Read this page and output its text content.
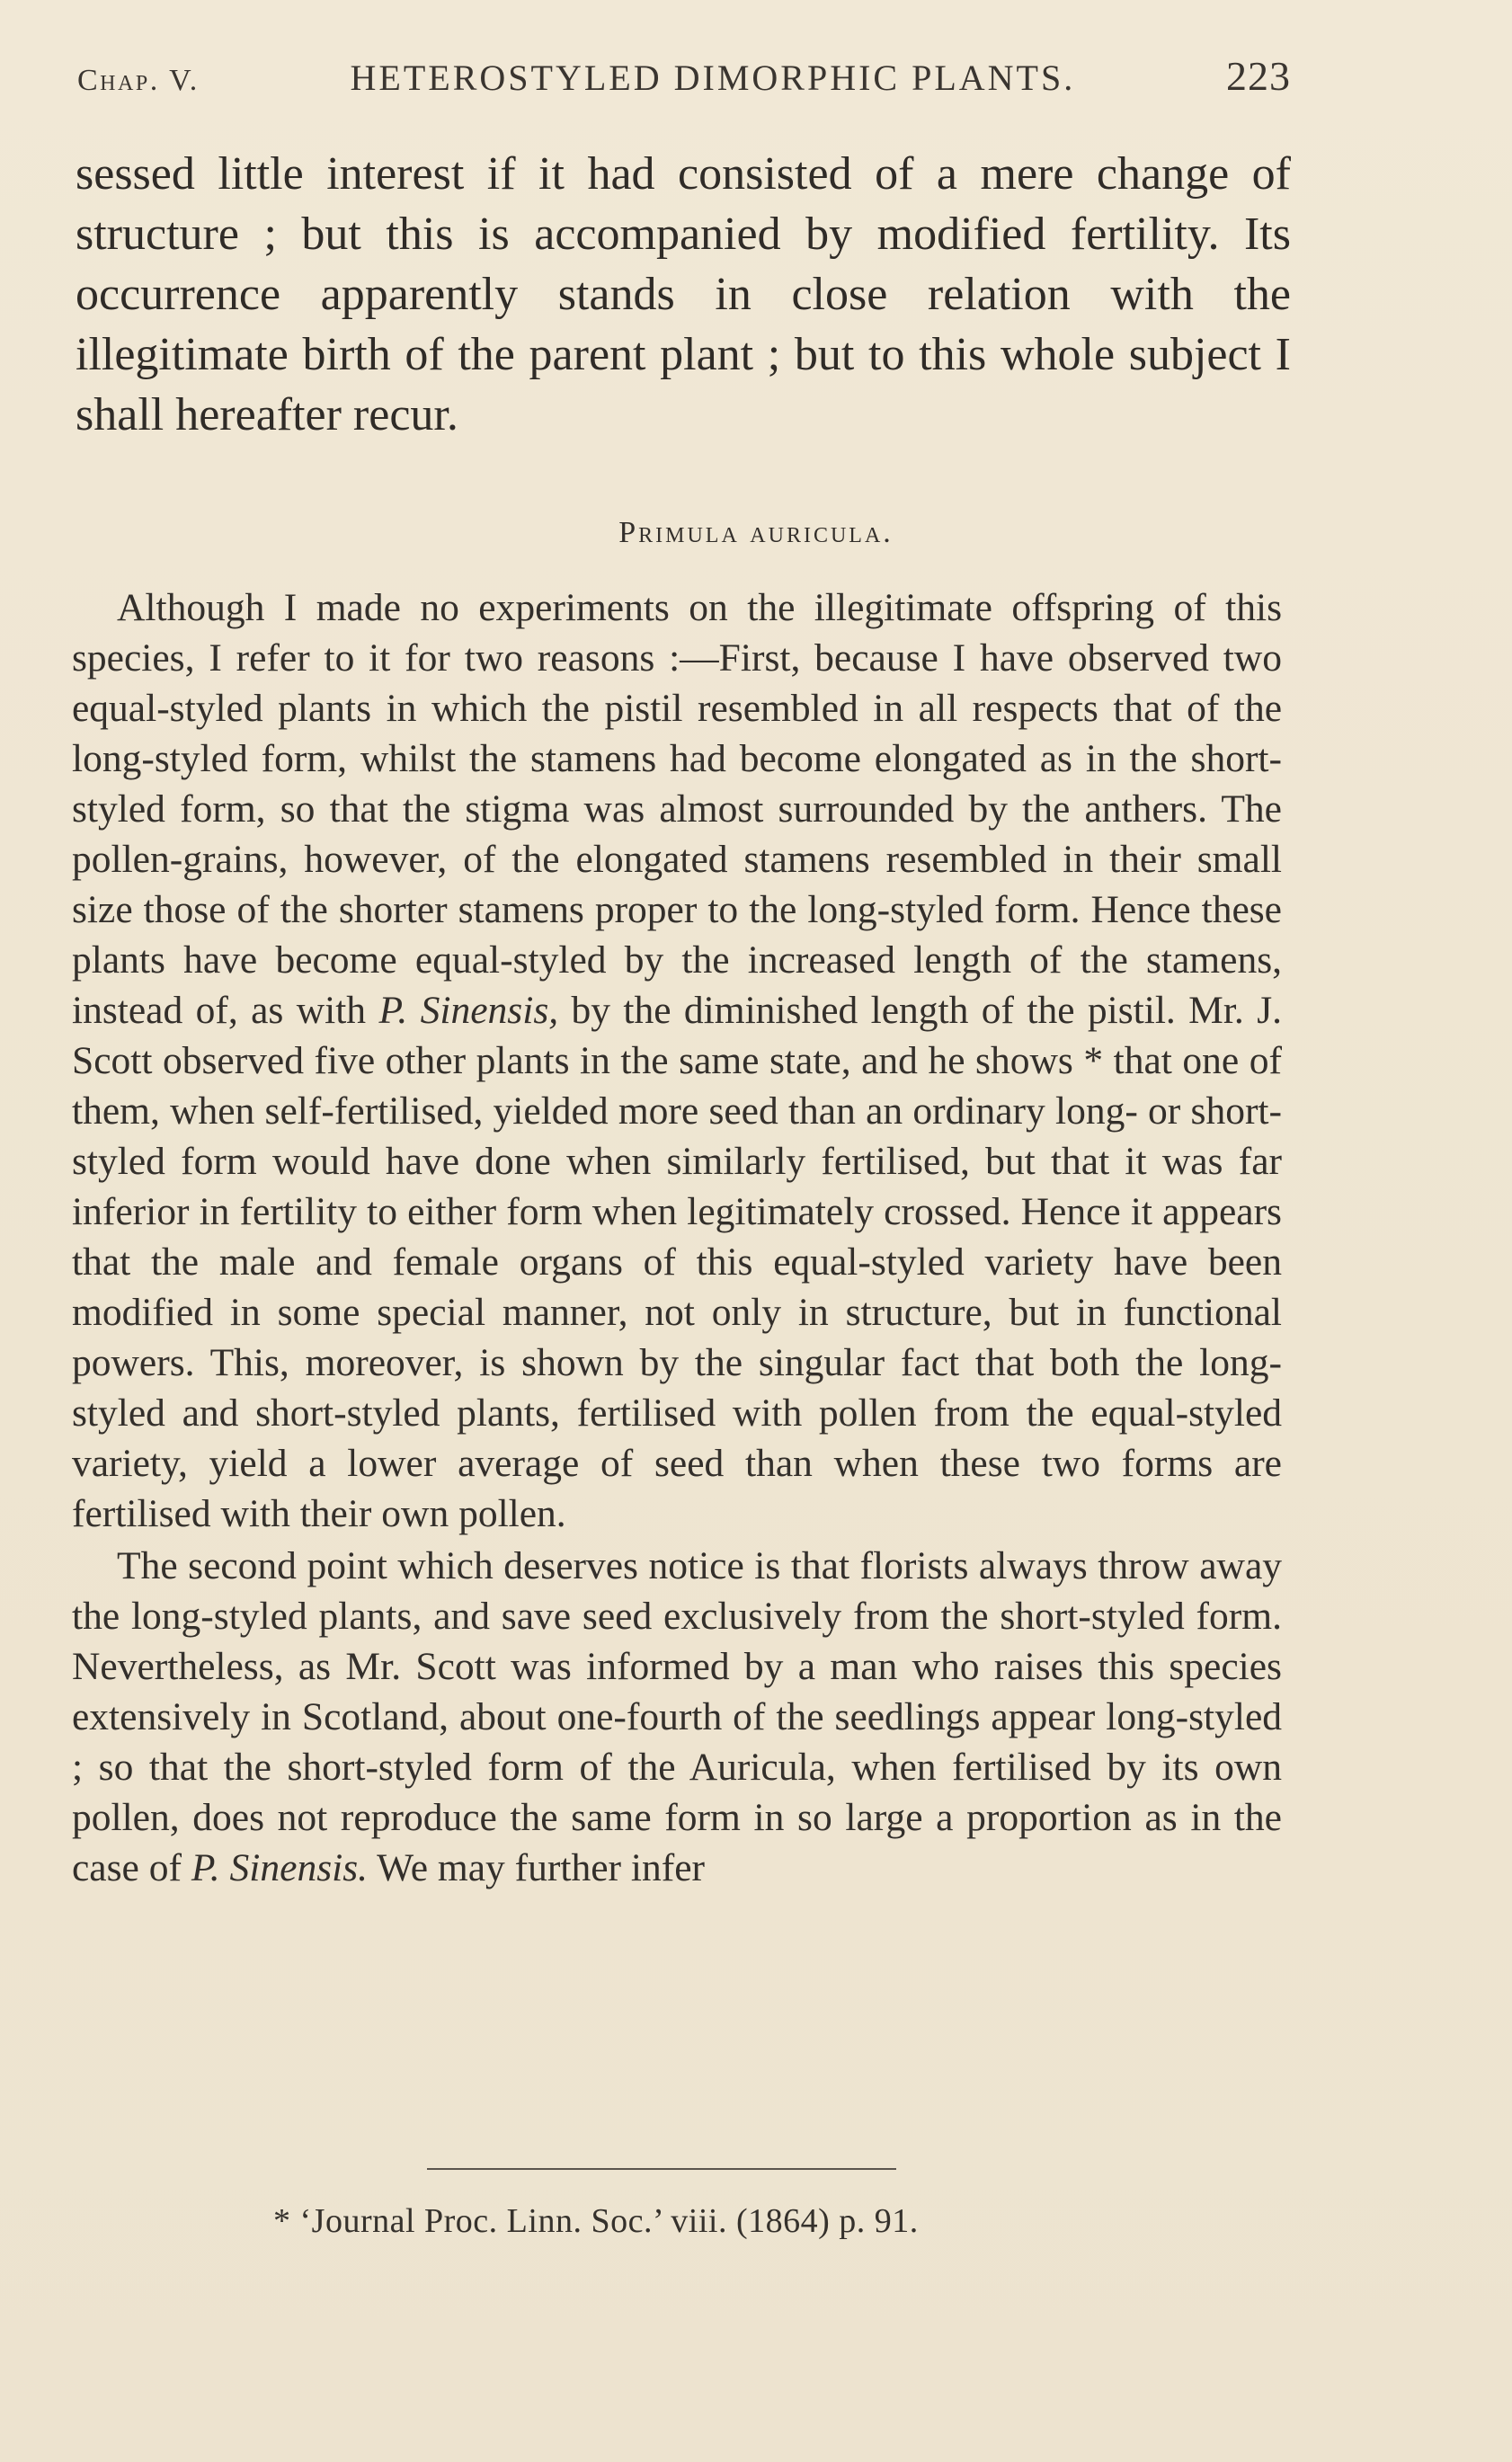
Chap. V.	HETEROSTYLED DIMORPHIC PLANTS.	223

sessed little interest if it had consisted of a mere change of structure ; but this is accompanied by modified fertility. Its occurrence apparently stands in close relation with the illegitimate birth of the parent plant ; but to this whole subject I shall hereafter recur.

Primula auricula.

Although I made no experiments on the illegitimate offspring of this species, I refer to it for two reasons :—First, because I have observed two equal-styled plants in which the pistil resembled in all respects that of the long-styled form, whilst the stamens had become elongated as in the short-styled form, so that the stigma was almost surrounded by the anthers. The pollen-grains, however, of the elongated stamens resembled in their small size those of the shorter stamens proper to the long-styled form. Hence these plants have become equal-styled by the increased length of the stamens, instead of, as with P. Sinensis, by the diminished length of the pistil. Mr. J. Scott observed five other plants in the same state, and he shows * that one of them, when self-fertilised, yielded more seed than an ordinary long- or short-styled form would have done when similarly fertilised, but that it was far inferior in fertility to either form when legitimately crossed. Hence it appears that the male and female organs of this equal-styled variety have been modified in some special manner, not only in structure, but in functional powers. This, moreover, is shown by the singular fact that both the long-styled and short-styled plants, fertilised with pollen from the equal-styled variety, yield a lower average of seed than when these two forms are fertilised with their own pollen.

The second point which deserves notice is that florists always throw away the long-styled plants, and save seed exclusively from the short-styled form. Nevertheless, as Mr. Scott was informed by a man who raises this species extensively in Scotland, about one-fourth of the seedlings appear long-styled ; so that the short-styled form of the Auricula, when fertilised by its own pollen, does not reproduce the same form in so large a proportion as in the case of P. Sinensis. We may further infer

* ‘Journal Proc. Linn. Soc.’ viii. (1864) p. 91.
